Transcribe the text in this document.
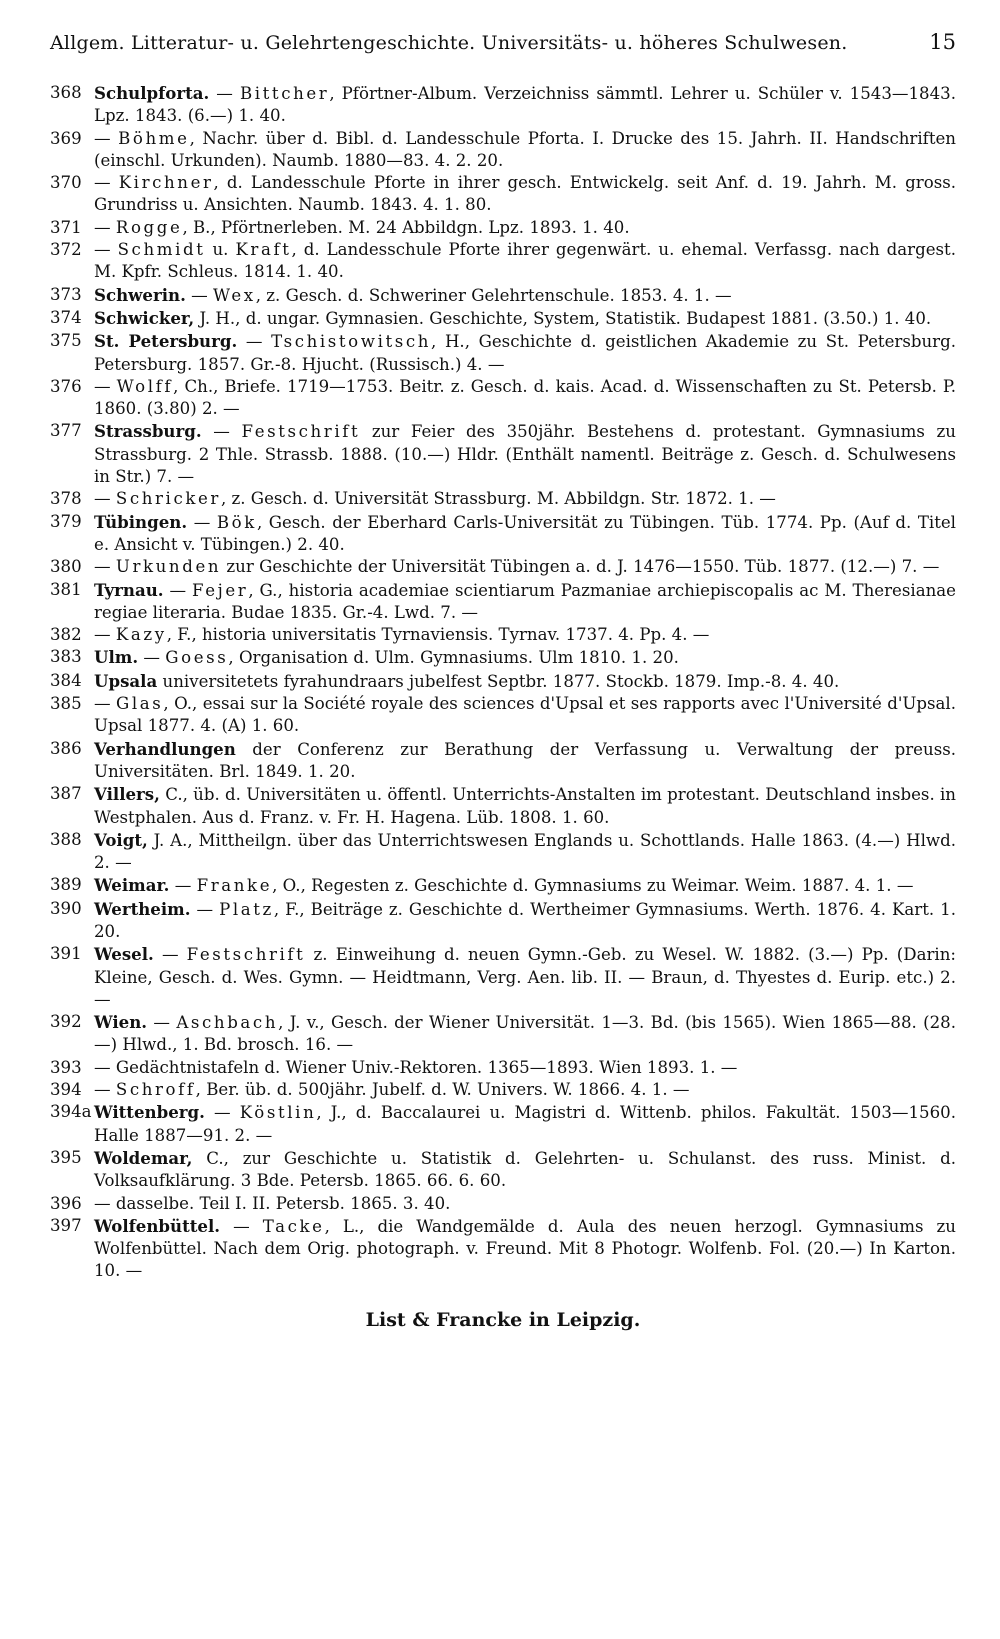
Allgem. Litteratur- u. Gelehrtengeschichte. Universitäts- u. höheres Schulwesen.	15
368 Schulpforta. — Bittcher, Pförtner-Album. Verzeichniss sämmtl. Lehrer u. Schüler v. 1543—1843. Lpz. 1843. (6.—) 1. 40.
369 — Böhme, Nachr. über d. Bibl. d. Landesschule Pforta. I. Drucke des 15. Jahrh. II. Handschriften (einschl. Urkunden). Naumb. 1880—83. 4. 2. 20.
370 — Kirchner, d. Landesschule Pforte in ihrer gesch. Entwickelg. seit Anf. d. 19. Jahrh. M. gross. Grundriss u. Ansichten. Naumb. 1843. 4. 1. 80.
371 — Rogge, B., Pförtnerleben. M. 24 Abbildgn. Lpz. 1893. 1. 40.
372 — Schmidt u. Kraft, d. Landesschule Pforte ihrer gegenwärt. u. ehemal. Verfassg. nach dargest. M. Kpfr. Schleus. 1814. 1. 40.
373 Schwerin. — Wex, z. Gesch. d. Schweriner Gelehrtenschule. 1853. 4. 1. —
374 Schwicker, J. H., d. ungar. Gymnasien. Geschichte, System, Statistik. Budapest 1881. (3.50.) 1. 40.
375 St. Petersburg. — Tschistowitsch, H., Geschichte d. geistlichen Akademie zu St. Petersburg. Petersburg. 1857. Gr.-8. Hjucht. (Russisch.) 4. —
376 — Wolff, Ch., Briefe. 1719—1753. Beitr. z. Gesch. d. kais. Acad. d. Wissenschaften zu St. Petersb. P. 1860. (3.80) 2. —
377 Strassburg. — Festschrift zur Feier des 350jähr. Bestehens d. protestant. Gymnasiums zu Strassburg. 2 Thle. Strassb. 1888. (10.—) Hldr. (Enthält namentl. Beiträge z. Gesch. d. Schulwesens in Str.) 7. —
378 — Schricker, z. Gesch. d. Universität Strassburg. M. Abbildgn. Str. 1872. 1. —
379 Tübingen. — Bök, Gesch. der Eberhard Carls-Universität zu Tübingen. Tüb. 1774. Pp. (Auf d. Titel e. Ansicht v. Tübingen.) 2. 40.
380 — Urkunden zur Geschichte der Universität Tübingen a. d. J. 1476—1550. Tüb. 1877. (12.—) 7. —
381 Tyrnau. — Fejer, G., historia academiae scientiarum Pazmaniae archiepiscopalis ac M. Theresianae regiae literaria. Budae 1835. Gr.-4. Lwd. 7. —
382 — Kazy, F., historia universitatis Tyrnaviensis. Tyrnav. 1737. 4. Pp. 4. —
383 Ulm. — Goess, Organisation d. Ulm. Gymnasiums. Ulm 1810. 1. 20.
384 Upsala universitetets fyrahundraars jubelfest Septbr. 1877. Stockb. 1879. Imp.-8. 4. 40.
385 — Glas, O., essai sur la Société royale des sciences d'Upsal et ses rapports avec l'Université d'Upsal. Upsal 1877. 4. (A) 1. 60.
386 Verhandlungen der Conferenz zur Berathung der Verfassung u. Verwaltung der preuss. Universitäten. Brl. 1849. 1. 20.
387 Villers, C., üb. d. Universitäten u. öffentl. Unterrichts-Anstalten im protestant. Deutschland insbes. in Westphalen. Aus d. Franz. v. Fr. H. Hagena. Lüb. 1808. 1. 60.
388 Voigt, J. A., Mittheilgn. über das Unterrichtswesen Englands u. Schottlands. Halle 1863. (4.—) Hlwd. 2. —
389 Weimar. — Franke, O., Regesten z. Geschichte d. Gymnasiums zu Weimar. Weim. 1887. 4. 1. —
390 Wertheim. — Platz, F., Beiträge z. Geschichte d. Wertheimer Gymnasiums. Werth. 1876. 4. Kart. 1. 20.
391 Wesel. — Festschrift z. Einweihung d. neuen Gymn.-Geb. zu Wesel. W. 1882. (3.—) Pp. (Darin: Kleine, Gesch. d. Wes. Gymn. — Heidtmann, Verg. Aen. lib. II. — Braun, d. Thyestes d. Eurip. etc.) 2. —
392 Wien. — Aschbach, J. v., Gesch. der Wiener Universität. 1—3. Bd. (bis 1565). Wien 1865—88. (28.—) Hlwd., 1. Bd. brosch. 16. —
393 — Gedächtnistafeln d. Wiener Univ.-Rektoren. 1365—1893. Wien 1893. 1. —
394 — Schroff, Ber. üb. d. 500jähr. Jubelf. d. W. Univers. W. 1866. 4. 1. —
394a Wittenberg. — Köstlin, J., d. Baccalaurei u. Magistri d. Wittenb. philos. Fakultät. 1503—1560. Halle 1887—91. 2. —
395 Woldemar, C., zur Geschichte u. Statistik d. Gelehrten- u. Schulanst. des russ. Minist. d. Volksaufklärung. 3 Bde. Petersb. 1865. 66. 6. 60.
396 — dasselbe. Teil I. II. Petersb. 1865. 3. 40.
397 Wolfenbüttel. — Tacke, L., die Wandgemälde d. Aula des neuen herzogl. Gymnasiums zu Wolfenbüttel. Nach dem Orig. photograph. v. Freund. Mit 8 Photogr. Wolfenb. Fol. (20.—) In Karton. 10. —
List & Francke in Leipzig.
